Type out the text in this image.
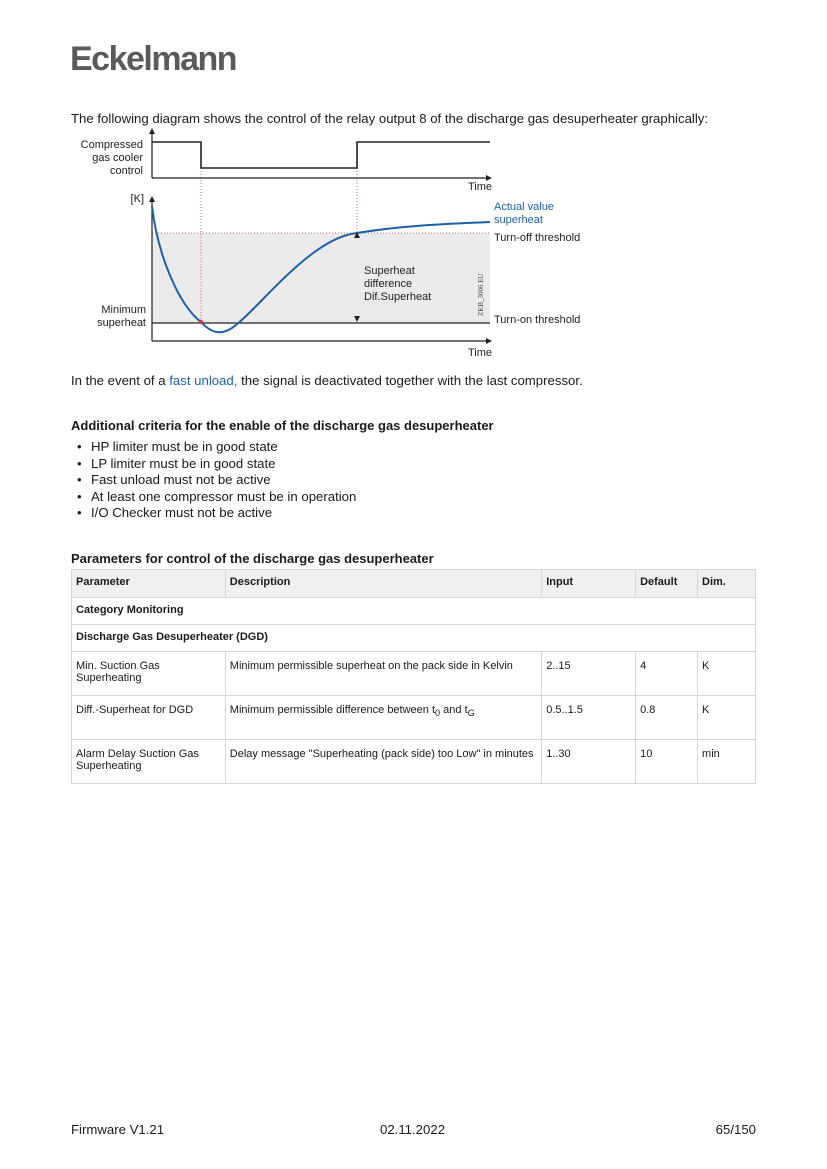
Eckelmann
The following diagram shows the control of the relay output 8 of the discharge gas desuperheater graphically:
Compressed
gas cooler
control
Time
[K]
Actual value
superheat
Turn-off threshold
Turn-on threshold
Minimum
superheat
Superheat
difference
Dif.Superheat
Time
ZKB_3006 EU
In the event of a fast unload, the signal is deactivated together with the last compressor.
Additional criteria for the enable of the discharge gas desuperheater
• HP limiter must be in good state
• LP limiter must be in good state
• Fast unload must not be active
• At least one compressor must be in operation
• I/O Checker must not be active
Parameters for control of the discharge gas desuperheater
Parameter	Description	Input	Default	Dim.
Category Monitoring				
Discharge Gas Desuperheater (DGD)				
Min. Suction Gas Superheating	Minimum permissible superheat on the pack side in Kelvin	2..15	4	K
Diff.-Superheat for DGD	Minimum permissible difference between $t_0$ and $t_G$	0.5..1.5	0.8	K
Alarm Delay Suction Gas Superheating	Delay message "Superheating (pack side) too Low" in minutes	1..30	10	min
Firmware V1.21	02.11.2022	65/150
